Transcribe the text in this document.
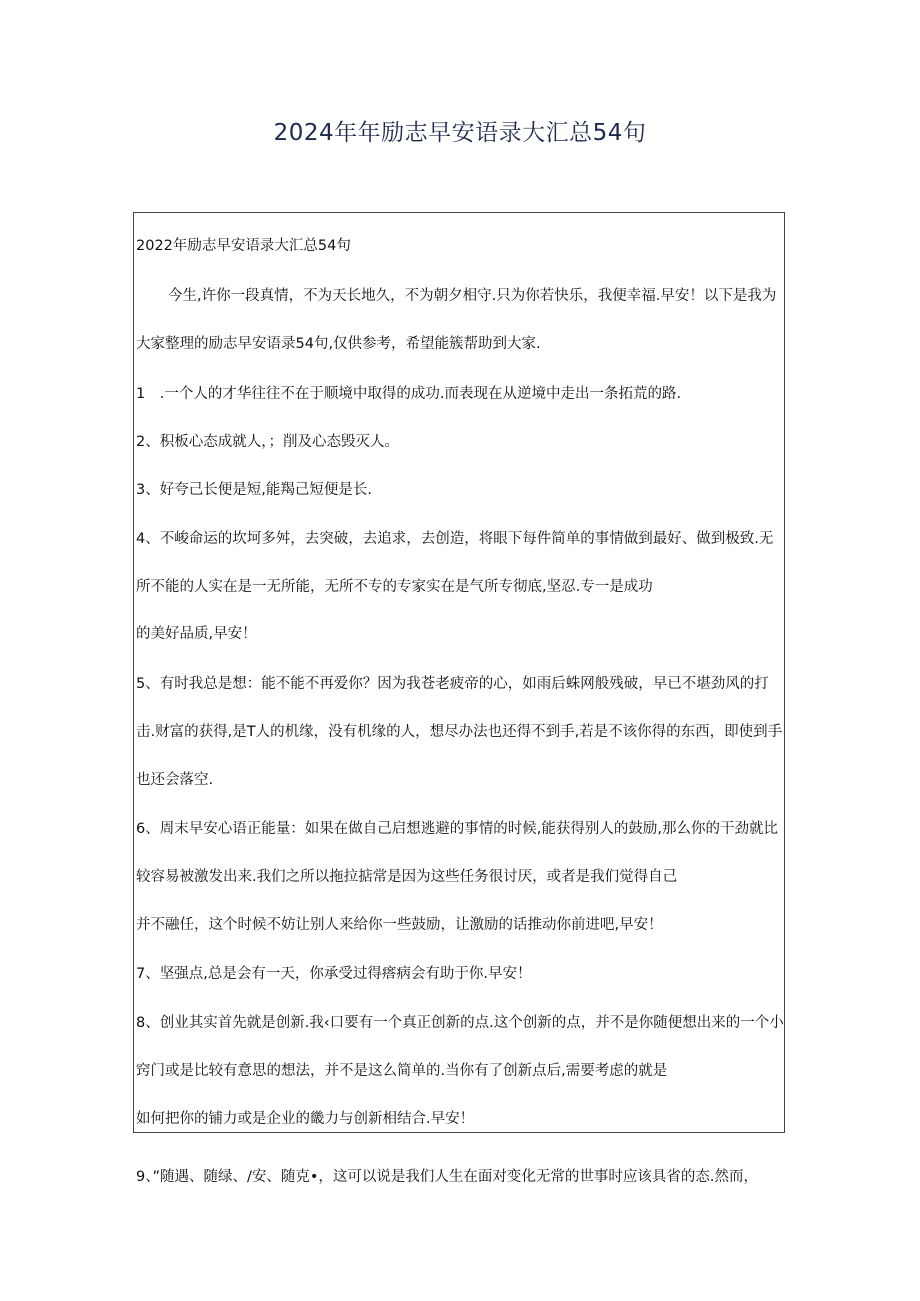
2024年年励志早安语录大汇总54句
2022年励志早安语录大汇总54句
今生,许你一段真情，不为天长地久，不为朝夕相守.只为你若快乐，我便幸福.早安！以下是我为
大家整理的励志早安语录54句,仅供参考，希望能簇帮助到大家.
1　.一个人的才华往往不在于顺境中取得的成功.而表现在从逆境中走出一条拓荒的路.
2、积板心态成就人，；削及心态毁灭人。
3、好夸己长便是短,能羯己短便是长.
4、不峻命运的坎坷多舛，去突破，去追求，去创造，将眼下每件简单的事情做到最好、做到极致.无
所不能的人实在是一无所能，无所不专的专家实在是气所专彻底,坚忍.专一是成功
的美好品质,早安！
5、有时我总是想：能不能不再爱你？因为我苍老疲帝的心，如雨后蛛网般残破，早已不堪劲风的打
击.财富的获得,是T人的机缘，没有机缘的人，想尽办法也还得不到手,若是不该你得的东西，即使到手
也还会落空.
6、周末早安心语正能量：如果在做自己启想逃避的事情的时候,能获得别人的鼓励,那么你的干劲就比
较容易被激发出来.我们之所以拖拉掂常是因为这些任务很讨厌，或者是我们觉得自己
并不融任，这个时候不妨让别人来给你一些鼓励，让激励的话推动你前进吧,早安！
7、坚强点,总是会有一天，你承受过得瘩病会有助于你.早安！
8、创业其实首先就是创新.我‹口要有一个真正创新的点.这个创新的点，并不是你随便想出来的一个小
窍门或是比较有意思的想法，并不是这么简单的.当你有了创新点后,需要考虑的就是
如何把你的铺力或是企业的畿力与创新相结合.早安！
9、”随遇、随绿、/安、随克•，这可以说是我们人生在面对变化无常的世事时应该具省的态.然而，
